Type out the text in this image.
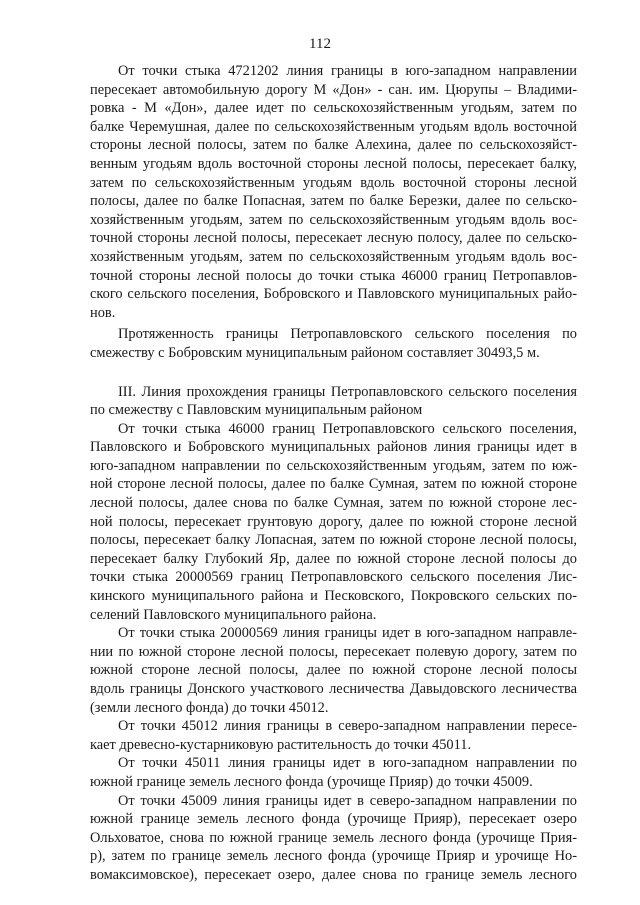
112
От точки стыка 4721202 линия границы в юго-западном направлении
пересекает автомобильную дорогу М «Дон» - сан. им. Цюрупы – Владими-
ровка - М «Дон», далее идет по сельскохозяйственным угодьям, затем по
балке Черемушная, далее по сельскохозяйственным угодьям вдоль восточной
стороны лесной полосы, затем по балке Алехина, далее по сельскохозяйст-
венным угодьям вдоль восточной стороны лесной полосы, пересекает балку,
затем по сельскохозяйственным угодьям вдоль восточной стороны лесной
полосы, далее по балке Попасная, затем по балке Березки, далее по сельско-
хозяйственным угодьям, затем по сельскохозяйственным угодьям вдоль вос-
точной стороны лесной полосы, пересекает лесную полосу, далее по сельско-
хозяйственным угодьям, затем по сельскохозяйственным угодьям вдоль вос-
точной стороны лесной полосы до точки стыка 46000 границ Петропавлов-
ского сельского поселения, Бобровского и Павловского муниципальных райо-
нов.
Протяженность границы Петропавловского сельского поселения по
смежеству с Бобровским муниципальным районом составляет 30493,5 м.
III. Линия прохождения границы Петропавловского сельского поселения
по смежеству с Павловским муниципальным районом
От точки стыка 46000 границ Петропавловского сельского поселения,
Павловского и Бобровского муниципальных районов линия границы идет в
юго-западном направлении по сельскохозяйственным угодьям, затем по юж-
ной стороне лесной полосы, далее по балке Сумная, затем по южной стороне
лесной полосы, далее снова по балке Сумная, затем по южной стороне лес-
ной полосы, пересекает грунтовую дорогу, далее по южной стороне лесной
полосы, пересекает балку Лопасная, затем по южной стороне лесной полосы,
пересекает балку Глубокий Яр, далее по южной стороне лесной полосы до
точки стыка 20000569 границ Петропавловского сельского поселения Лис-
кинского муниципального района и Песковского, Покровского сельских по-
селений Павловского муниципального района.
От точки стыка 20000569 линия границы идет в юго-западном направле-
нии по южной стороне лесной полосы, пересекает полевую дорогу, затем по
южной стороне лесной полосы, далее по южной стороне лесной полосы
вдоль границы Донского участкового лесничества Давыдовского лесничества
(земли лесного фонда) до точки 45012.
От точки 45012 линия границы в северо-западном направлении пересе-
кает древесно-кустарниковую растительность до точки 45011.
От точки 45011 линия границы идет в юго-западном направлении по
южной границе земель лесного фонда (урочище Прияр) до точки 45009.
От точки 45009 линия границы идет в северо-западном направлении по
южной границе земель лесного фонда (урочище Прияр), пересекает озеро
Ольховатое, снова по южной границе земель лесного фонда (урочище Прия-
р), затем по границе земель лесного фонда (урочище Прияр и урочище Но-
вомаксимовское), пересекает озеро, далее снова по границе земель лесного
